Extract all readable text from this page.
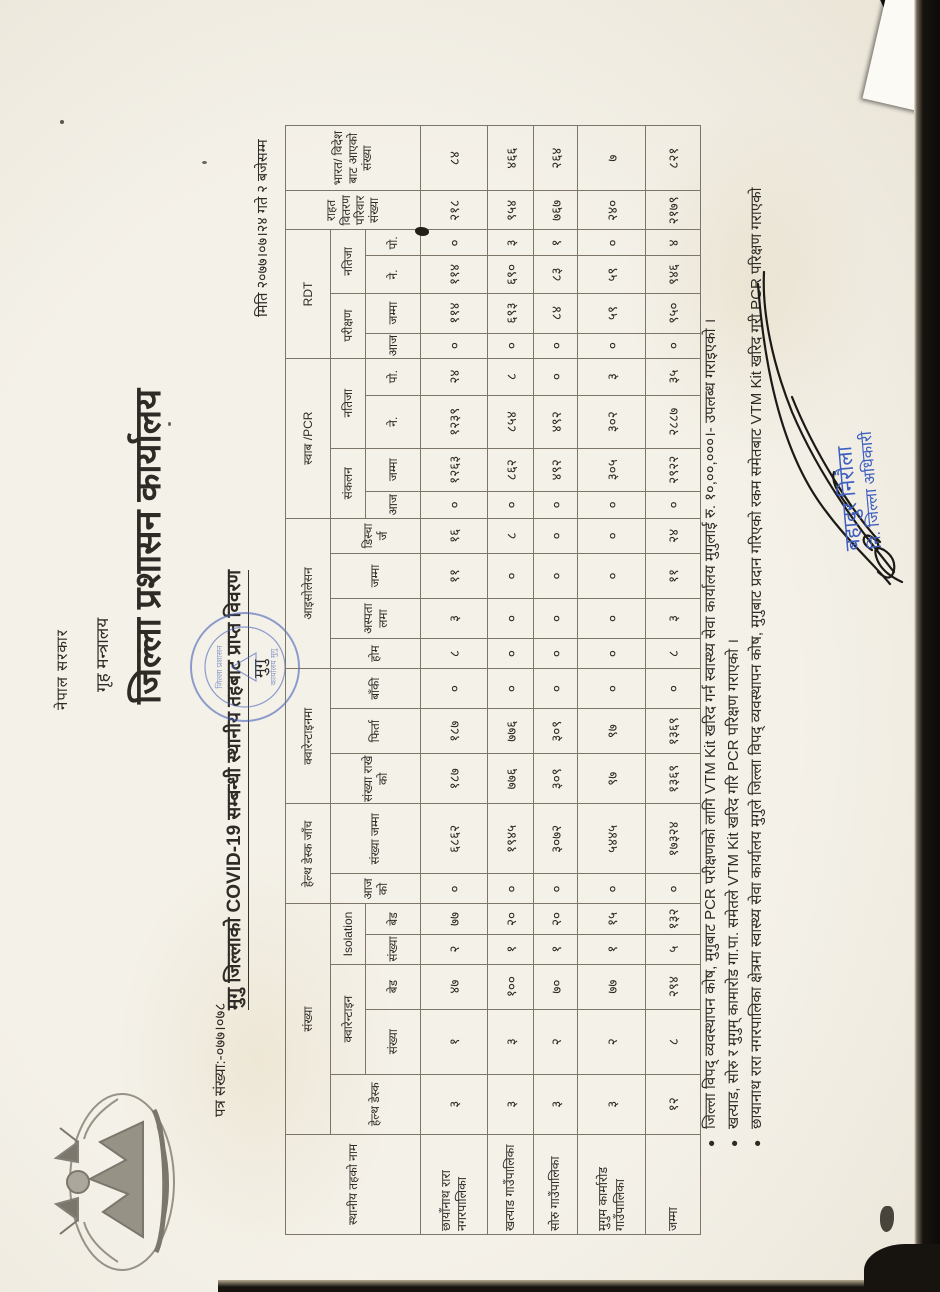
नेपाल सरकार गृह मन्त्रालय जिल्ला प्रशासन कार्यालय	मुगु
पत्र संख्या:-०७७।०७८
मुगु जिल्लाको COVID-19 सम्बन्धी स्थानीय तहबाट प्राप्त विवरण
मिति २०७७।०७।२४ गते २ बजेसम्म
जिल्ला प्रशासन	कार्यालय मुगु
स्थानीय तहको नाम	संख्या					हेल्थ डेस्क जाँच		क्वारेन्टाइनमा			आइसोलेसन				स्वाब /PCR				RDT				राहत वितरण परिवार संख्या	भारत/ विदेश बाट आएको संख्या
	हेल्थ डेस्क	क्वारेन्टाइन		Isolation		आजको	संख्या जम्मा	संख्या राखे को	फिर्ता	बाँकी	होम	अस्पतालमा	जम्मा	डिस्चार्ज	संकलन		नतिजा		परीक्षण		नतिजा			
		संख्या	बेड	संख्या	बेड										आज	जम्मा	ने.	पो.	आज	जम्मा	ने.	पो.		
छायाँनाथ रारा नगरपालिका	३	१	४७	२	७७	०	६८६२	१८७	१८७	०	८	३	११	१६	०	१२६३	१२३९	२४	०	११४	११४	०	२१८	८४
खत्याड गाउँपालिका	३	३	१००	१	२०	०	१९४५	७७६	७७६	०	०	०	०	८	०	८६२	८५४	८	०	६९३	६९०	३	९५४	४६६
सोरु गाउँपालिका	३	२	७०	१	२०	०	३०७२	३०९	३०९	०	०	०	०	०	०	४९२	४९२	०	०	८४	८३	१	७६७	२६४
मुगुम कार्मारोड गाउँपालिका	३	२	७७	१	१५	०	५४४५	९७	९७	०	०	०	०	०	०	३०५	३०२	३	०	५९	५९	०	२४०	७
जम्मा	१२	८	२९४	५	१३२	०	१७३२४	१३६९	१३६९	०	८	३	११	२४	०	२९२२	२८८७	३५	०	९५०	९४६	४	२१७९	८२१
●
जिल्ला विपद् व्यवस्थापन कोष, मुगुबाट PCR परीक्षणको लागि VTM Kit खरिद गर्न स्वास्थ्य सेवा कार्यालय मुगुलाई रु. १०,००,०००।- उपलब्ध गराइएको ।
●
खत्याड, सोरु र मुगुम् कामारोड गा.पा. समेतले VTM Kit खरिद गरि PCR परिक्षण गराएको ।
●
छायानाथ रारा नगरपालिका क्षेत्रमा स्वास्थ्य सेवा कार्यालय मुगुले जिल्ला विपद् व्यवस्थापन कोष, मुगुबाट प्रदान गरिएको रकम समेतबाट VTM Kit खरिद गरी PCR परिक्षण गराएको	बहादुर निरौला
नि. जिल्ला अधिकारी
